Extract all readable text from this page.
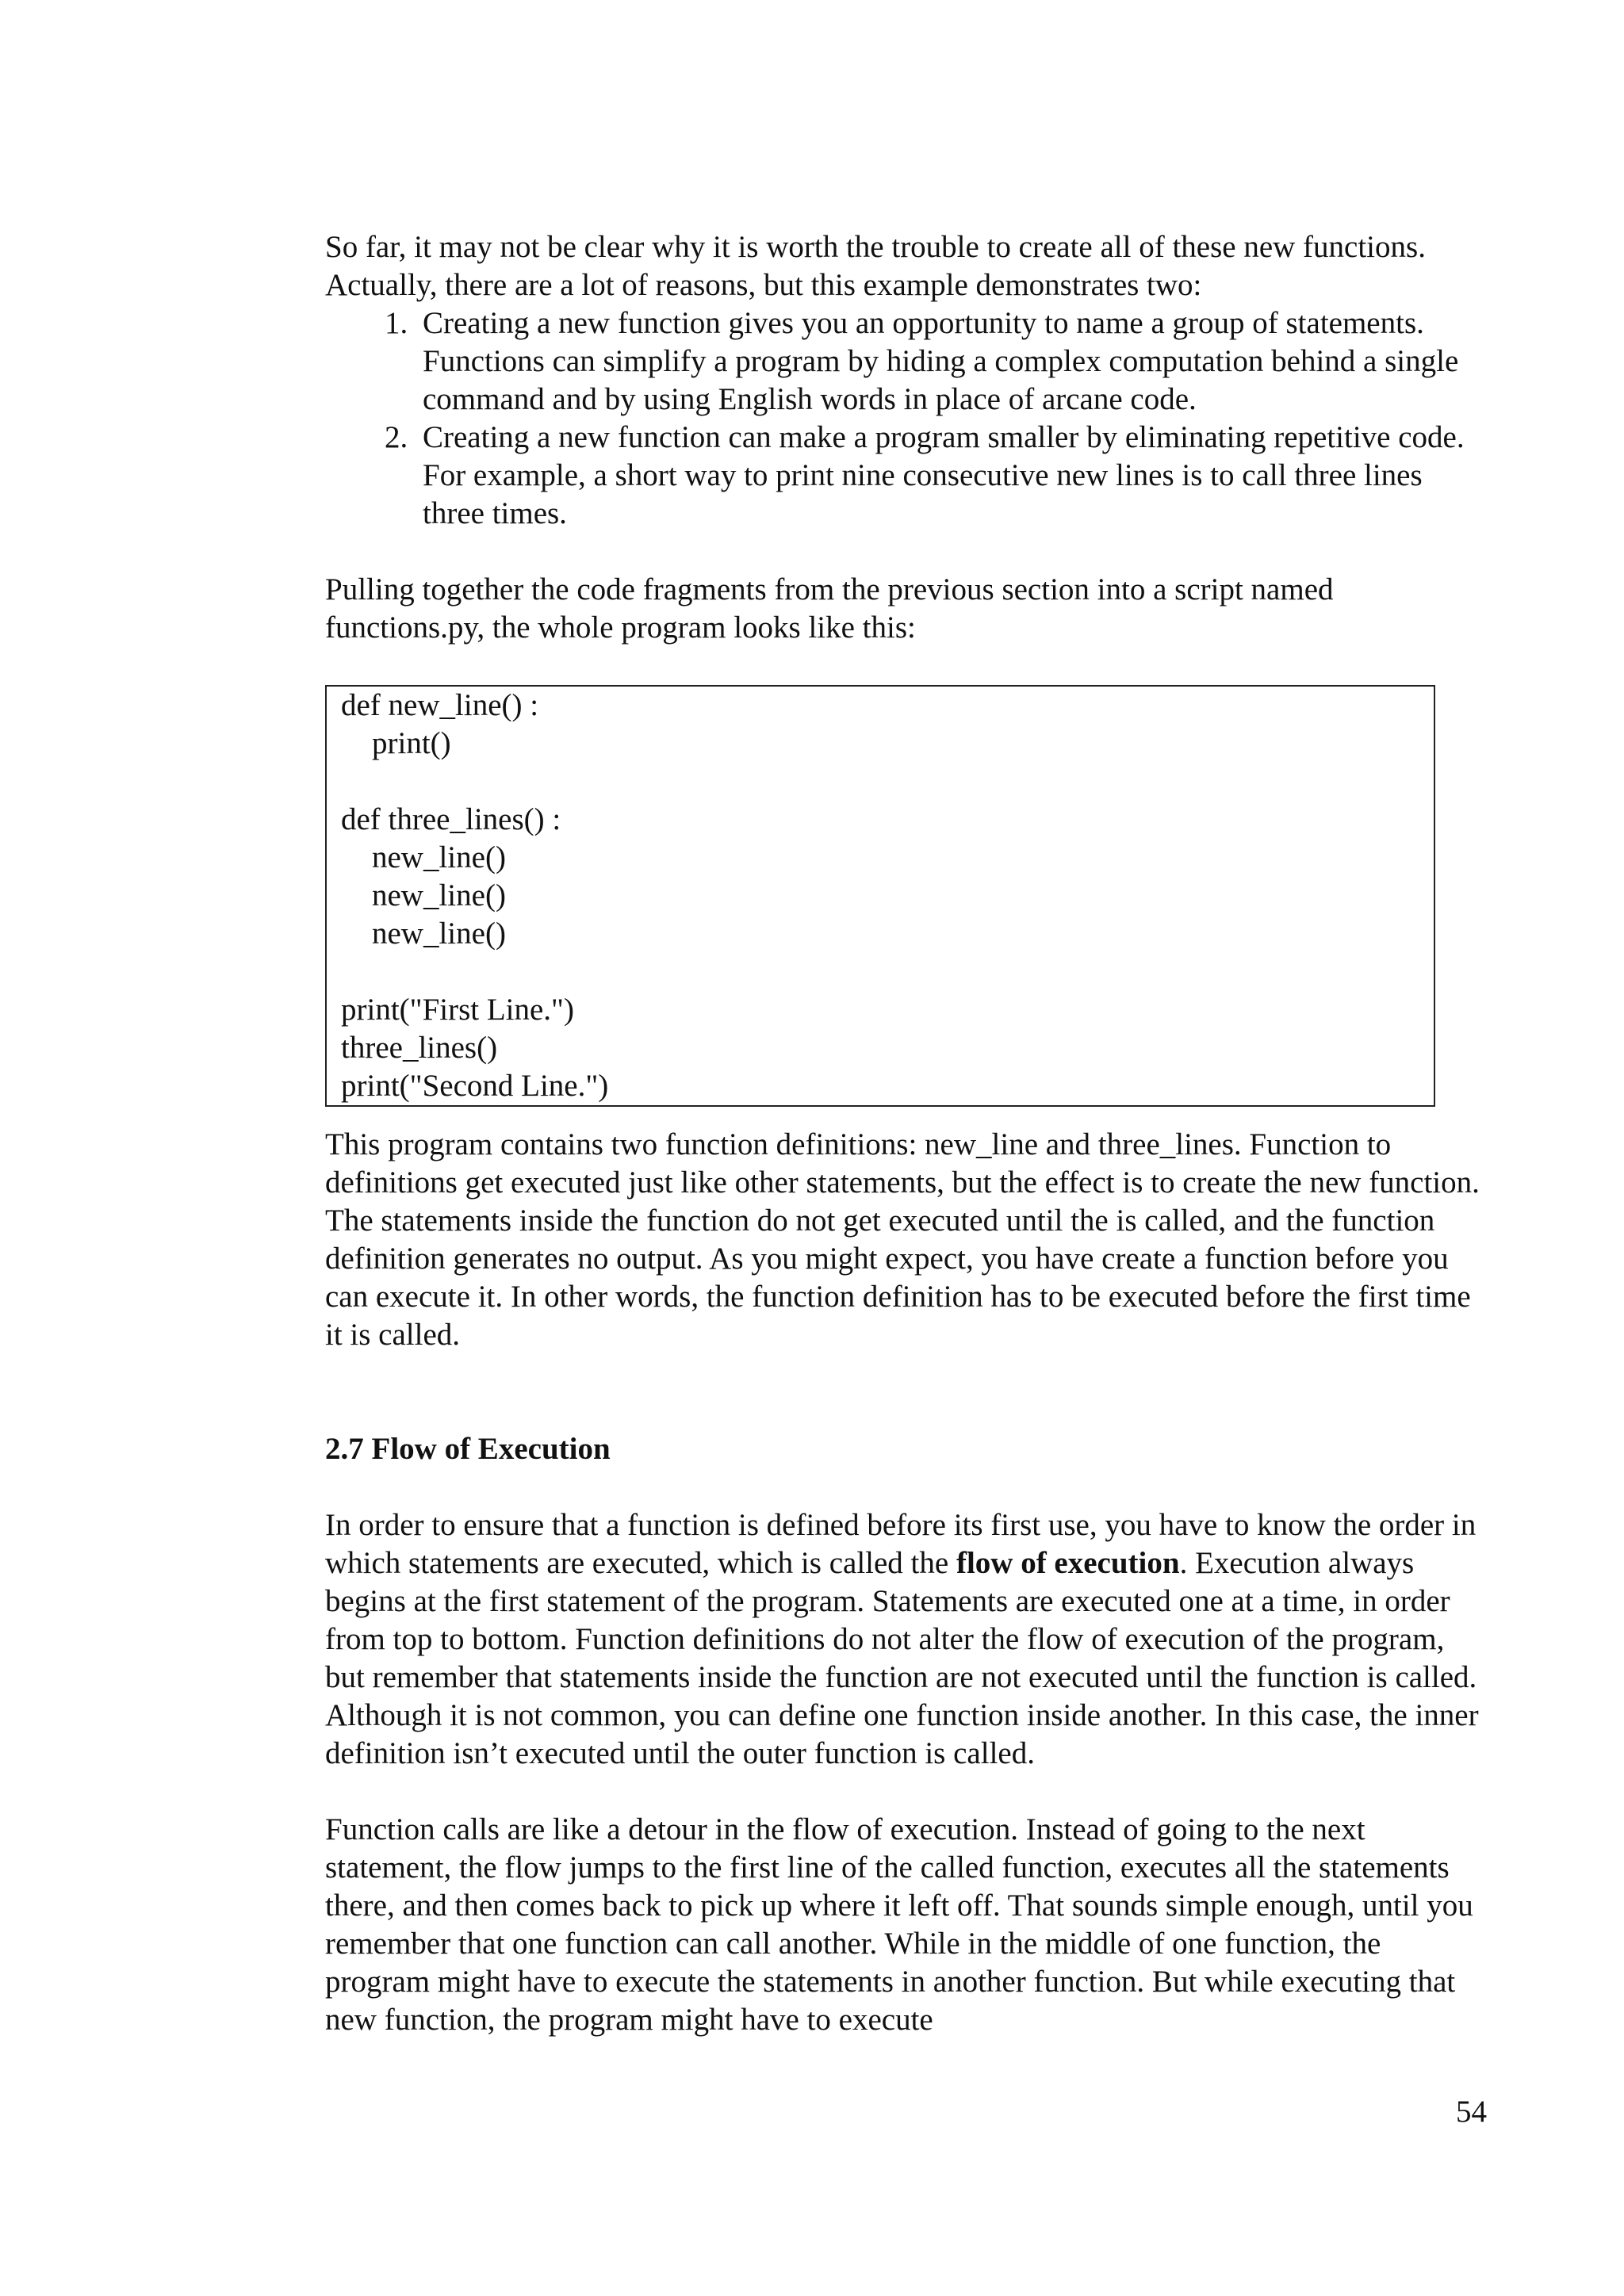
So far, it may not be clear why it is worth the trouble to create all of these new functions. Actually, there are a lot of reasons, but this example demonstrates two:

1. Creating a new function gives you an opportunity to name a group of statements. Functions can simplify a program by hiding a complex computation behind a single command and by using English words in place of arcane code.
2. Creating a new function can make a program smaller by eliminating repetitive code. For example, a short way to print nine consecutive new lines is to call three lines three times.

Pulling together the code fragments from the previous section into a script named functions.py, the whole program looks like this:

def new_line() :
print()
def three_lines() :
new_line()
new_line()
new_line()
print("First Line.")
three_lines()
print("Second Line.")

This program contains two function definitions: new_line and three_lines. Function to definitions get executed just like other statements, but the effect is to create the new function. The statements inside the function do not get executed until the is called, and the function definition generates no output. As you might expect, you have create a function before you can execute it. In other words, the function definition has to be executed before the first time it is called.

2.7 Flow of Execution

In order to ensure that a function is defined before its first use, you have to know the order in which statements are executed, which is called the flow of execution. Execution always begins at the first statement of the program. Statements are executed one at a time, in order from top to bottom. Function definitions do not alter the flow of execution of the program, but remember that statements inside the function are not executed until the function is called. Although it is not common, you can define one function inside another. In this case, the inner definition isn’t executed until the outer function is called.

Function calls are like a detour in the flow of execution. Instead of going to the next statement, the flow jumps to the first line of the called function, executes all the statements there, and then comes back to pick up where it left off. That sounds simple enough, until you remember that one function can call another. While in the middle of one function, the program might have to execute the statements in another function. But while executing that new function, the program might have to execute

54
